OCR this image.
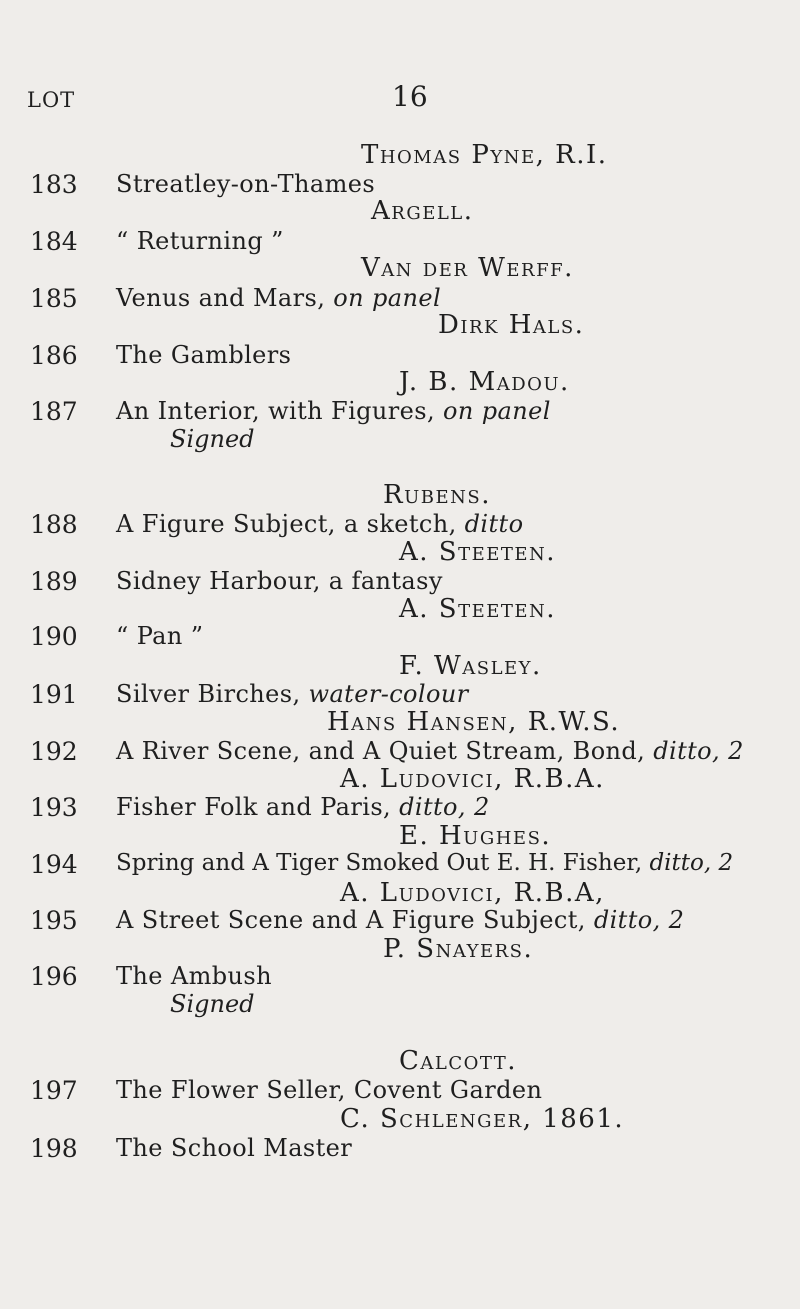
16
LOT
Thomas Pyne, R.I.
183 Streatley-on-Thames
Argell.
184 “ Returning ”
Van der Werff.
185 Venus and Mars, on panel
Dirk Hals.
186 The Gamblers
J. B. Madou.
187 An Interior, with Figures, on panel
Signed
Rubens.
188 A Figure Subject, a sketch, ditto
A. Steeten.
189 Sidney Harbour, a fantasy
A. Steeten.
190 “ Pan ”
F. Wasley.
191 Silver Birches, water-colour
Hans Hansen, R.W.S.
192 A River Scene, and A Quiet Stream, Bond, ditto, 2
A. Ludovici, R.B.A.
193 Fisher Folk and Paris, ditto, 2
E. Hughes.
194 Spring and A Tiger Smoked Out E. H. Fisher, ditto, 2
A. Ludovici, R.B.A,
195 A Street Scene and A Figure Subject, ditto, 2
P. Snayers.
196 The Ambush
Signed
Calcott.
197 The Flower Seller, Covent Garden
C. Schlenger, 1861.
198 The School Master
